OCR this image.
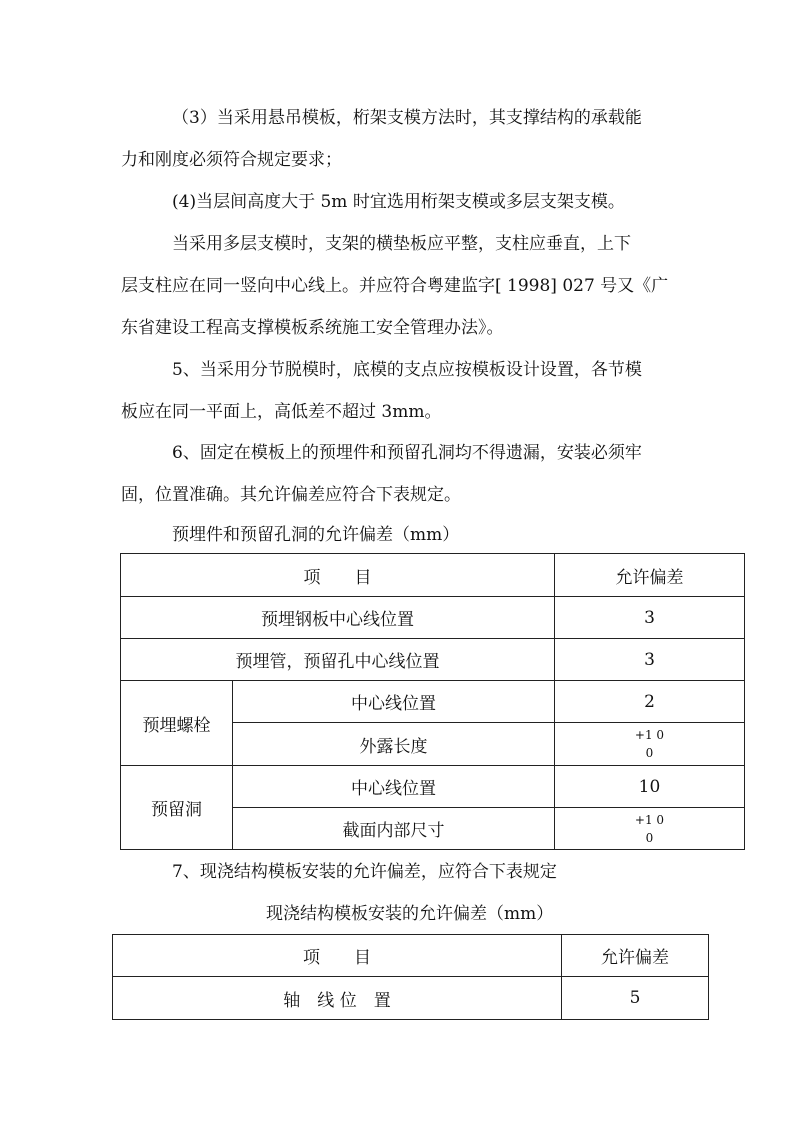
（3）当采用悬吊模板，桁架支模方法时，其支撑结构的承载能

力和刚度必须符合规定要求；

(4)当层间高度大于 5m 时宜选用桁架支模或多层支架支模。

当采用多层支模时，支架的横垫板应平整，支柱应垂直，上下

层支柱应在同一竖向中心线上。并应符合粤建监字[ 1998] 027 号又《广

东省建设工程高支撑模板系统施工安全管理办法》。

5、当采用分节脱模时，底模的支点应按模板设计设置，各节模

板应在同一平面上，高低差不超过 3mm。

6、固定在模板上的预埋件和预留孔洞均不得遗漏，安装必须牢

固，位置准确。其允许偏差应符合下表规定。

预埋件和预留孔洞的允许偏差（mm）
项　　目		允许偏差
预埋钢板中心线位置		3
预埋管，预留孔中心线位置		3
预埋螺栓	中心线位置	2
	外露长度	+1 0
0

预留洞	中心线位置	10
	截面内部尺寸	+1 0
0

7、现浇结构模板安装的允许偏差，应符合下表规定

现浇结构模板安装的允许偏差（mm）
项　　目	允许偏差
轴　线 位　置	5
